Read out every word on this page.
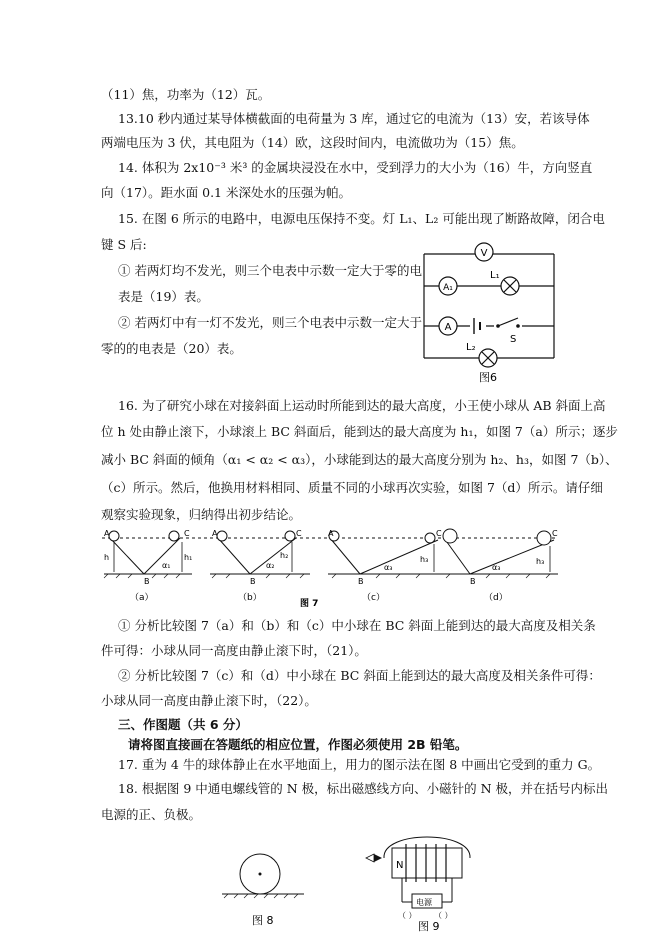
（11）焦，功率为（12）瓦。
13.10 秒内通过某导体横截面的电荷量为 3 库，通过它的电流为（13）安，若该导体
两端电压为 3 伏，其电阻为（14）欧，这段时间内，电流做功为（15）焦。
14. 体积为 2x10⁻³ 米³ 的金属块浸没在水中，受到浮力的大小为（16）牛，方向竖直
向（17）。距水面 0.1 米深处水的压强为帕。
15. 在图 6 所示的电路中，电源电压保持不变。灯 L₁、L₂ 可能出现了断路故障，闭合电
键 S 后:
① 若两灯均不发光，则三个电表中示数一定大于零的电
表是（19）表。
② 若两灯中有一灯不发光，则三个电表中示数一定大于
零的的电表是（20）表。
V
A₁
A
L₁
L₂
S
图6
16. 为了研究小球在对接斜面上运动时所能到达的最大高度，小王使小球从 AB 斜面上高
位 h 处由静止滚下，小球滚上 BC 斜面后，能到达的最大高度为 h₁，如图 7（a）所示；逐步
减小 BC 斜面的倾角（α₁ < α₂ < α₃），小球能到达的最大高度分别为 h₂、h₃，如图 7（b）、
（c）所示。然后，他换用材料相同、质量不同的小球再次实验，如图 7（d）所示。请仔细
观察实验现象，归纳得出初步结论。
A
h
B
C
h₁
α₁
A
B
C
h₂
α₂
A
B
C
h₃
α₃
B
C
h₃
α₃
（a）	（b）	（c）	（d）
图 7
① 分析比较图 7（a）和（b）和（c）中小球在 BC 斜面上能到达的最大高度及相关条
件可得：小球从同一高度由静止滚下时，（21）。
② 分析比较图 7（c）和（d）中小球在 BC 斜面上能到达的最大高度及相关条件可得：
小球从同一高度由静止滚下时，（22）。
三、作图题（共 6 分）
请将图直接画在答题纸的相应位置，作图必须使用 2B 铅笔。
17. 重为 4 牛的球体静止在水平地面上，用力的图示法在图 8 中画出它受到的重力 G。
18. 根据图 9 中通电螺线管的 N 极，标出磁感线方向、小磁针的 N 极，并在括号内标出
电源的正、负极。
图 8
N
电源
（ ） （ ）
图 9
